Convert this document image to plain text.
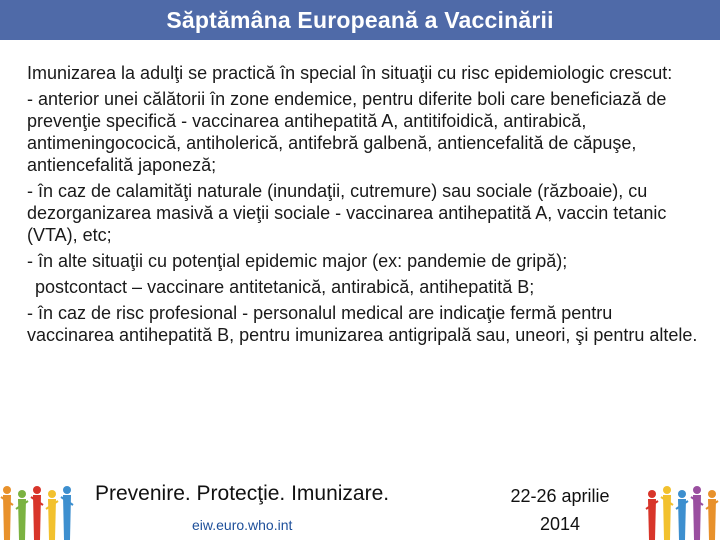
Săptămâna Europeană a Vaccinării

Imunizarea la adulţi se practică în special în situaţii cu risc epidemiologic crescut:

- anterior unei călătorii în zone endemice, pentru diferite boli care beneficiază de prevenţie specifică - vaccinarea antihepatită A, antitifoidică, antirabică, antimeningococică, antiholerică, antifebră galbenă, antiencefalită de căpuşe, antiencefalită japoneză;

- în caz de calamităţi naturale (inundaţii, cutremure) sau sociale (războaie), cu dezorganizarea masivă a vieţii sociale - vaccinarea antihepatită A, vaccin tetanic (VTA), etc;

- în alte situaţii cu potenţial epidemic major (ex: pandemie de gripă);

postcontact – vaccinare antitetanică, antirabică, antihepatită B;

- în caz de risc profesional - personalul medical are indicaţie fermă pentru vaccinarea antihepatită B, pentru imunizarea antigripală sau, uneori, şi pentru altele.

Prevenire. Protecţie. Imunizare.
eiw.euro.who.int
22-26 aprilie
2014
